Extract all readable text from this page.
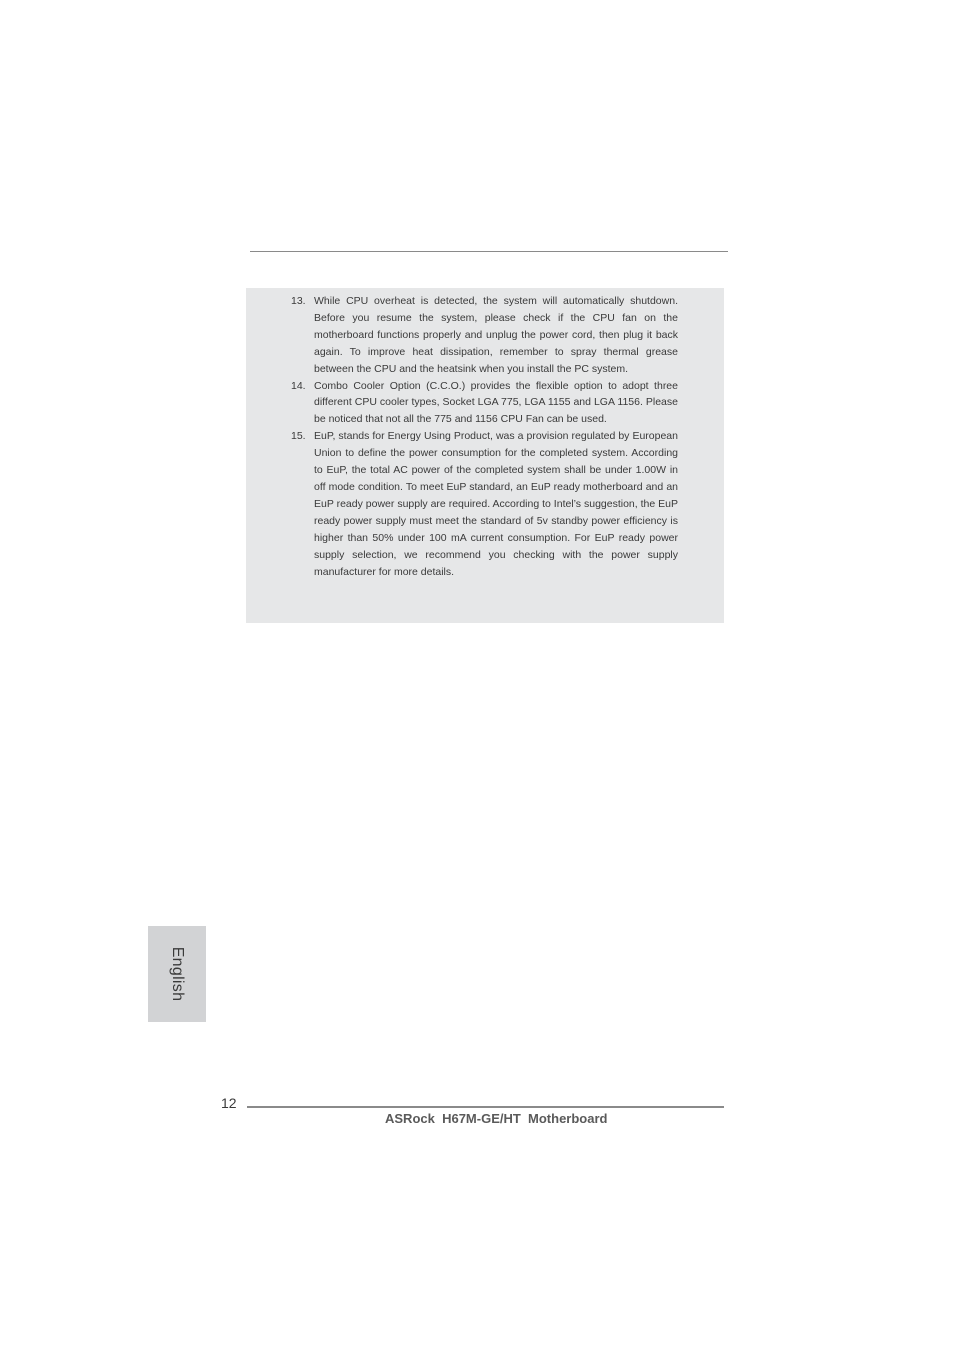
13. While CPU overheat is detected, the system will automatically shutdown. Before you resume the system, please check if the CPU fan on the motherboard functions properly and unplug the power cord, then plug it back again. To improve heat dissipation, remember to spray thermal grease between the CPU and the heatsink when you install the PC system.
14. Combo Cooler Option (C.C.O.) provides the flexible option to adopt three different CPU cooler types, Socket LGA 775, LGA 1155 and LGA 1156. Please be noticed that not all the 775 and 1156 CPU Fan can be used.
15. EuP, stands for Energy Using Product, was a provision regulated by European Union to define the power consumption for the completed system. According to EuP, the total AC power of the completed system shall be under 1.00W in off mode condition. To meet EuP standard, an EuP ready motherboard and an EuP ready power supply are required. According to Intel’s suggestion, the EuP ready power supply must meet the standard of 5v standby power efficiency is higher than 50% under 100 mA current consumption. For EuP ready power supply selection, we recommend you checking with the power supply manufacturer for more details.
English
12
ASRock  H67M-GE/HT  Motherboard
